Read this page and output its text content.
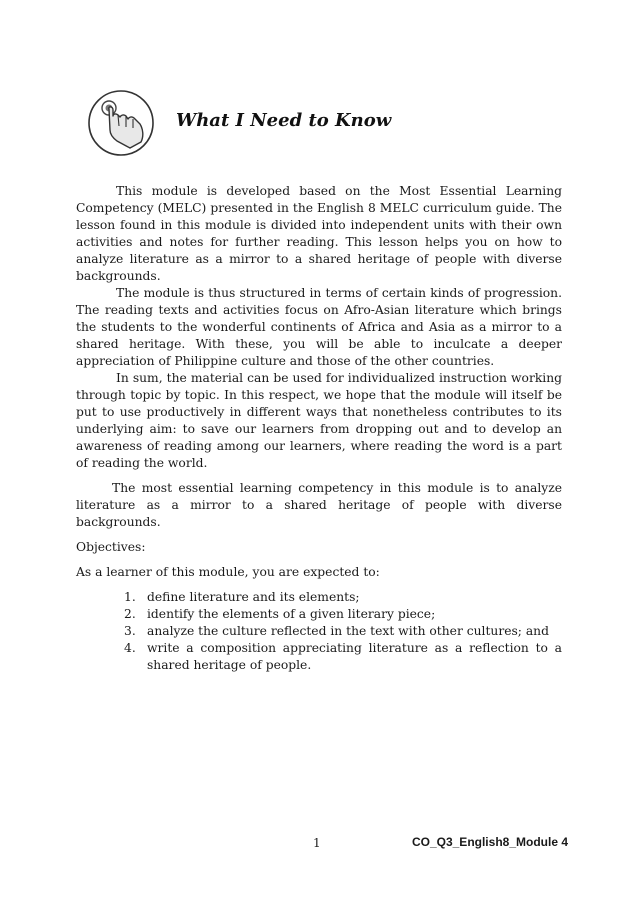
What I Need to Know

This module is developed based on the Most Essential Learning Competency (MELC) presented in the English 8 MELC curriculum guide. The lesson found in this module is divided into independent units with their own activities and notes for further reading. This lesson helps you on how to analyze literature as a mirror to a shared heritage of people with diverse backgrounds.

The module is thus structured in terms of certain kinds of progression. The reading texts and activities focus on Afro-Asian literature which brings the students to the wonderful continents of Africa and Asia as a mirror to a shared heritage. With these, you will be able to inculcate a deeper appreciation of Philippine culture and those of the other countries.

In sum, the material can be used for individualized instruction working through topic by topic. In this respect, we hope that the module will itself be put to use productively in different ways that nonetheless contributes to its underlying aim: to save our learners from dropping out and to develop an awareness of reading among our learners, where reading the word is a part of reading the world.

The most essential learning competency in this module is to analyze literature as a mirror to a shared heritage of people with diverse backgrounds.

Objectives:

As a learner of this module, you are expected to:

1. define literature and its elements;
2. identify the elements of a given literary piece;
3. analyze the culture reflected in the text with other cultures; and
4. write a composition appreciating literature as a reflection to a shared heritage of people.
1	CO_Q3_English8_Module 4
